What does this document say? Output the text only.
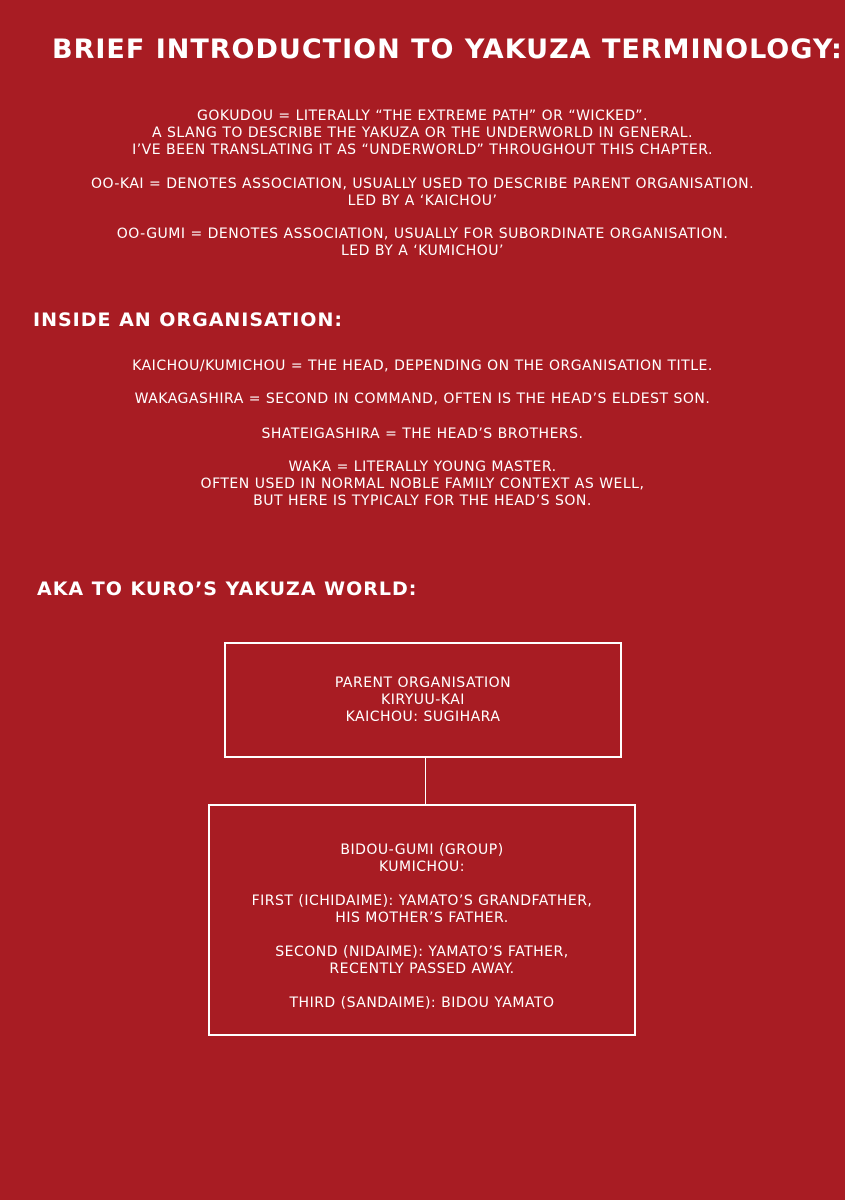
BRIEF INTRODUCTION TO YAKUZA TERMINOLOGY:
GOKUDOU = LITERALLY “THE EXTREME PATH” OR “WICKED”.
A SLANG TO DESCRIBE THE YAKUZA OR THE UNDERWORLD IN GENERAL.
I’VE BEEN TRANSLATING IT AS “UNDERWORLD” THROUGHOUT THIS CHAPTER.
OO-KAI = DENOTES ASSOCIATION, USUALLY USED TO DESCRIBE PARENT ORGANISATION.
LED BY A ‘KAICHOU’
OO-GUMI = DENOTES ASSOCIATION, USUALLY FOR SUBORDINATE ORGANISATION.
LED BY A ‘KUMICHOU’
INSIDE AN ORGANISATION:
KAICHOU/KUMICHOU = THE HEAD, DEPENDING ON THE ORGANISATION TITLE.
WAKAGASHIRA = SECOND IN COMMAND, OFTEN IS THE HEAD’S ELDEST SON.
SHATEIGASHIRA = THE HEAD’S BROTHERS.
WAKA = LITERALLY YOUNG MASTER.
OFTEN USED IN NORMAL NOBLE FAMILY CONTEXT AS WELL,
BUT HERE IS TYPICALY FOR THE HEAD’S SON.
AKA TO KURO’S YAKUZA WORLD:
PARENT ORGANISATION
KIRYUU-KAI
KAICHOU: SUGIHARA
BIDOU-GUMI (GROUP)
KUMICHOU:
FIRST (ICHIDAIME): YAMATO’S GRANDFATHER,
HIS MOTHER’S FATHER.
SECOND (NIDAIME): YAMATO’S FATHER,
RECENTLY PASSED AWAY.
THIRD (SANDAIME): BIDOU YAMATO
